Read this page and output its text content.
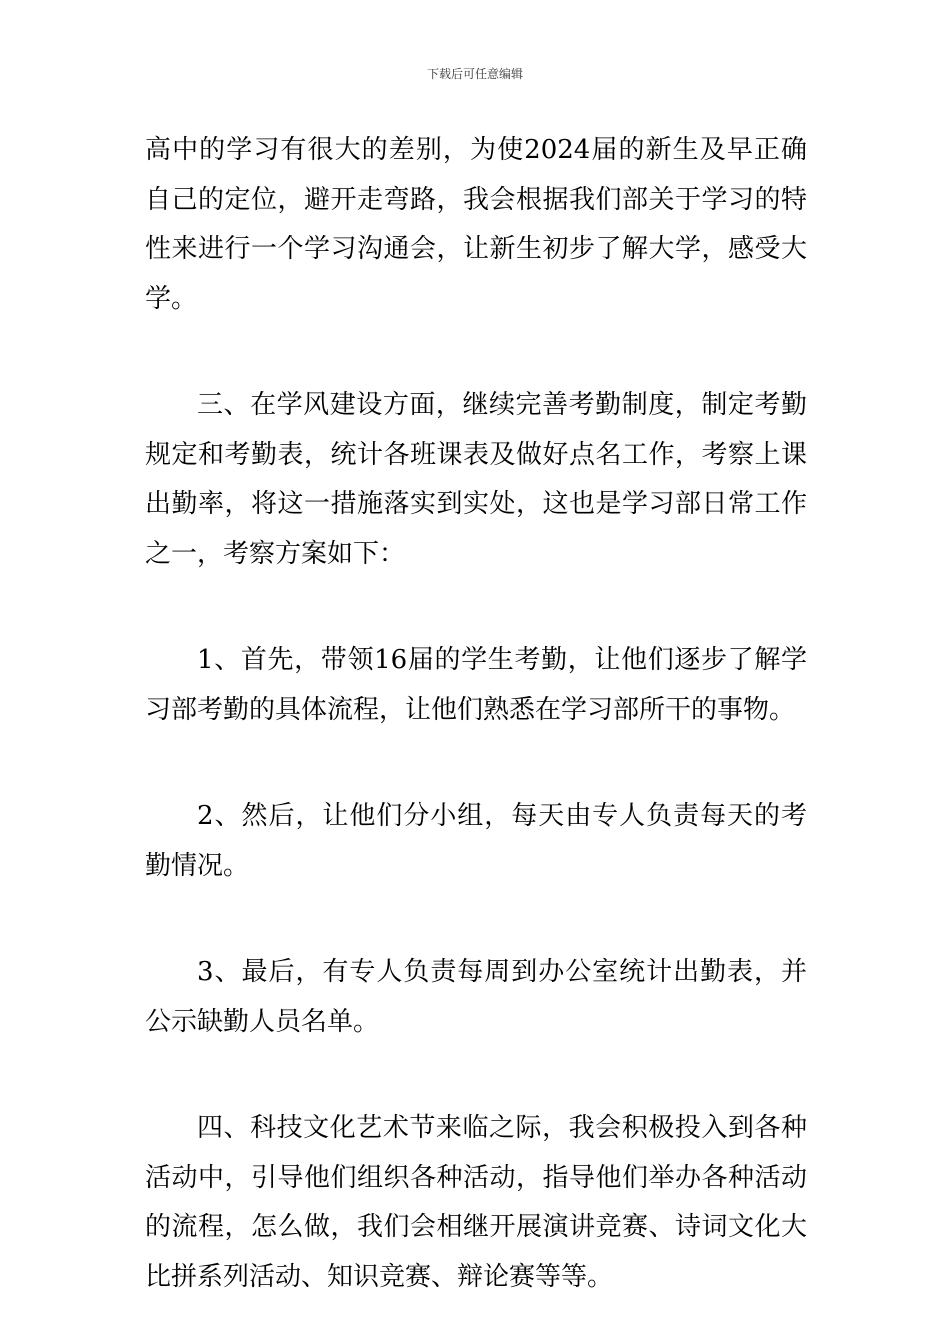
下载后可任意编辑

高中的学习有很大的差别，为使2024届的新生及早正确自己的定位，避开走弯路，我会根据我们部关于学习的特性来进行一个学习沟通会，让新生初步了解大学，感受大学。

三、在学风建设方面，继续完善考勤制度，制定考勤规定和考勤表，统计各班课表及做好点名工作，考察上课出勤率，将这一措施落实到实处，这也是学习部日常工作之一，考察方案如下：

1、首先，带领16届的学生考勤，让他们逐步了解学习部考勤的具体流程，让他们熟悉在学习部所干的事物。

2、然后，让他们分小组，每天由专人负责每天的考勤情况。

3、最后，有专人负责每周到办公室统计出勤表，并公示缺勤人员名单。

四、科技文化艺术节来临之际，我会积极投入到各种活动中，引导他们组织各种活动，指导他们举办各种活动的流程，怎么做，我们会相继开展演讲竞赛、诗词文化大比拼系列活动、知识竞赛、辩论赛等等。
